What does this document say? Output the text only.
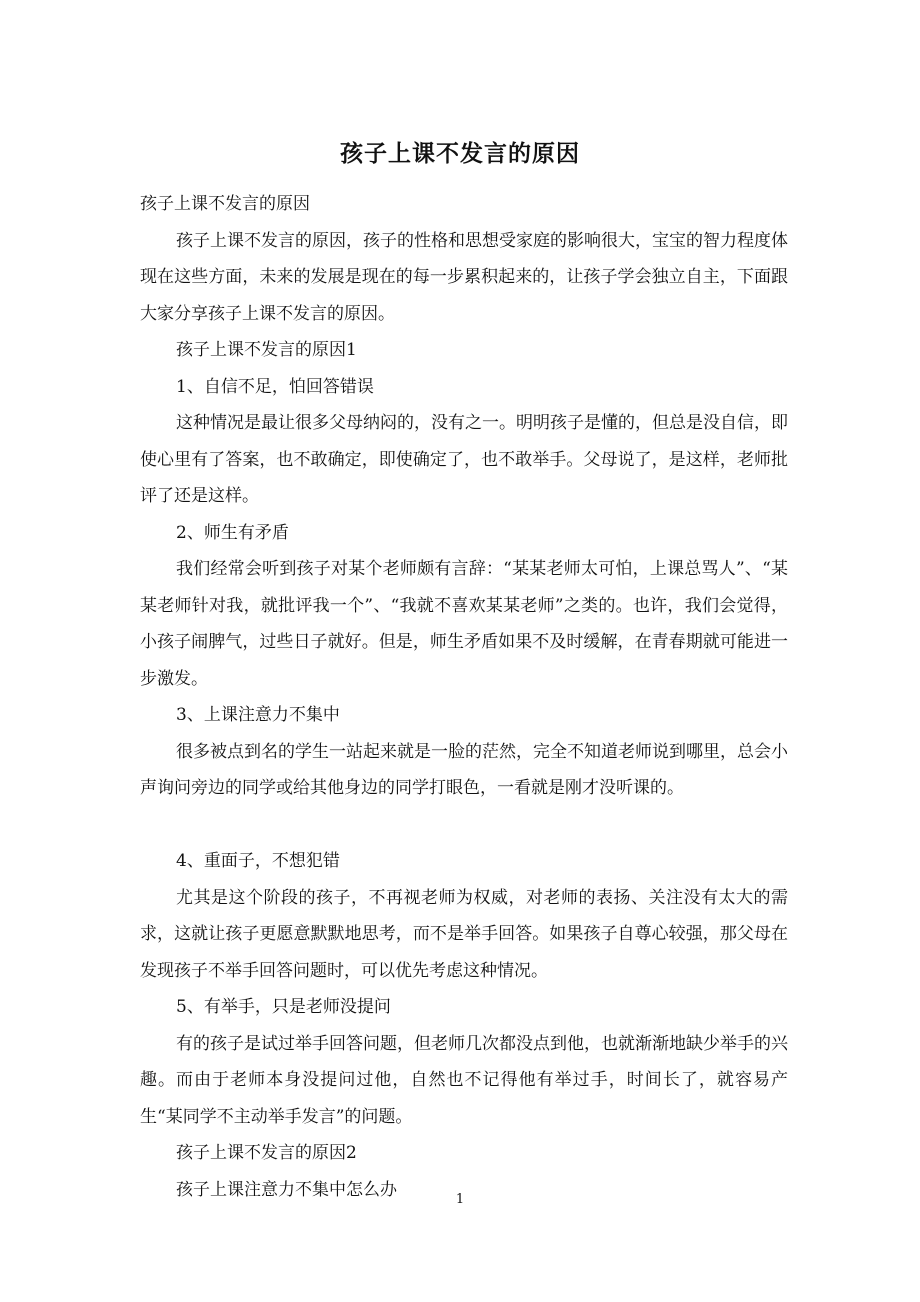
孩子上课不发言的原因

孩子上课不发言的原因

孩子上课不发言的原因，孩子的性格和思想受家庭的影响很大，宝宝的智力程度体现在这些方面，未来的发展是现在的每一步累积起来的，让孩子学会独立自主，下面跟大家分享孩子上课不发言的原因。

孩子上课不发言的原因1

1、自信不足，怕回答错误

这种情况是最让很多父母纳闷的，没有之一。明明孩子是懂的，但总是没自信，即使心里有了答案，也不敢确定，即使确定了，也不敢举手。父母说了，是这样，老师批评了还是这样。

2、师生有矛盾

我们经常会听到孩子对某个老师颇有言辞：“某某老师太可怕，上课总骂人”、“某某老师针对我，就批评我一个”、“我就不喜欢某某老师”之类的。也许，我们会觉得，小孩子闹脾气，过些日子就好。但是，师生矛盾如果不及时缓解，在青春期就可能进一步激发。

3、上课注意力不集中

很多被点到名的学生一站起来就是一脸的茫然，完全不知道老师说到哪里，总会小声询问旁边的同学或给其他身边的同学打眼色，一看就是刚才没听课的。

4、重面子，不想犯错

尤其是这个阶段的孩子，不再视老师为权威，对老师的表扬、关注没有太大的需求，这就让孩子更愿意默默地思考，而不是举手回答。如果孩子自尊心较强，那父母在发现孩子不举手回答问题时，可以优先考虑这种情况。

5、有举手，只是老师没提问

有的孩子是试过举手回答问题，但老师几次都没点到他，也就渐渐地缺少举手的兴趣。而由于老师本身没提问过他，自然也不记得他有举过手，时间长了，就容易产生“某同学不主动举手发言”的问题。

孩子上课不发言的原因2

孩子上课注意力不集中怎么办	1
